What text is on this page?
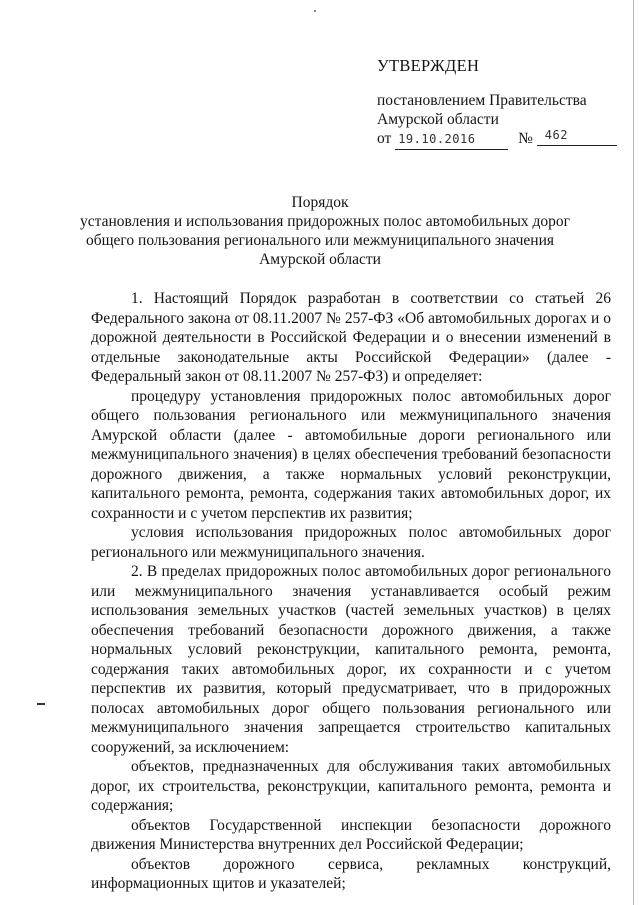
УТВЕРЖДЕН
постановлением Правительства
Амурской области
от 19.10.2016	№ 462
Порядок
установления и использования придорожных полос автомобильных дорог
общего пользования регионального или межмуниципального значения
Амурской области

1. Настоящий Порядок разработан в соответствии со статьей 26 Федерального закона от 08.11.2007 № 257-ФЗ «Об автомобильных дорогах и о дорожной деятельности в Российской Федерации и о внесении изменений в отдельные законодательные акты Российской Федерации» (далее - Федеральный закон от 08.11.2007 № 257-ФЗ) и определяет:

процедуру установления придорожных полос автомобильных дорог общего пользования регионального или межмуниципального значения Амурской области (далее - автомобильные дороги регионального или межмуниципального значения) в целях обеспечения требований безопасности дорожного движения, а также нормальных условий реконструкции, капитального ремонта, ремонта, содержания таких автомобильных дорог, их сохранности и с учетом перспектив их развития;

условия использования придорожных полос автомобильных дорог регионального или межмуниципального значения.

2. В пределах придорожных полос автомобильных дорог регионального или межмуниципального значения устанавливается особый режим использования земельных участков (частей земельных участков) в целях обеспечения требований безопасности дорожного движения, а также нормальных условий реконструкции, капитального ремонта, ремонта, содержания таких автомобильных дорог, их сохранности и с учетом перспектив их развития, который предусматривает, что в придорожных полосах автомобильных дорог общего пользования регионального или межмуниципального значения запрещается строительство капитальных сооружений, за исключением:

объектов, предназначенных для обслуживания таких автомобильных дорог, их строительства, реконструкции, капитального ремонта, ремонта и содержания;

объектов Государственной инспекции безопасности дорожного движения Министерства внутренних дел Российской Федерации;

объектов дорожного сервиса, рекламных конструкций, информационных щитов и указателей;
